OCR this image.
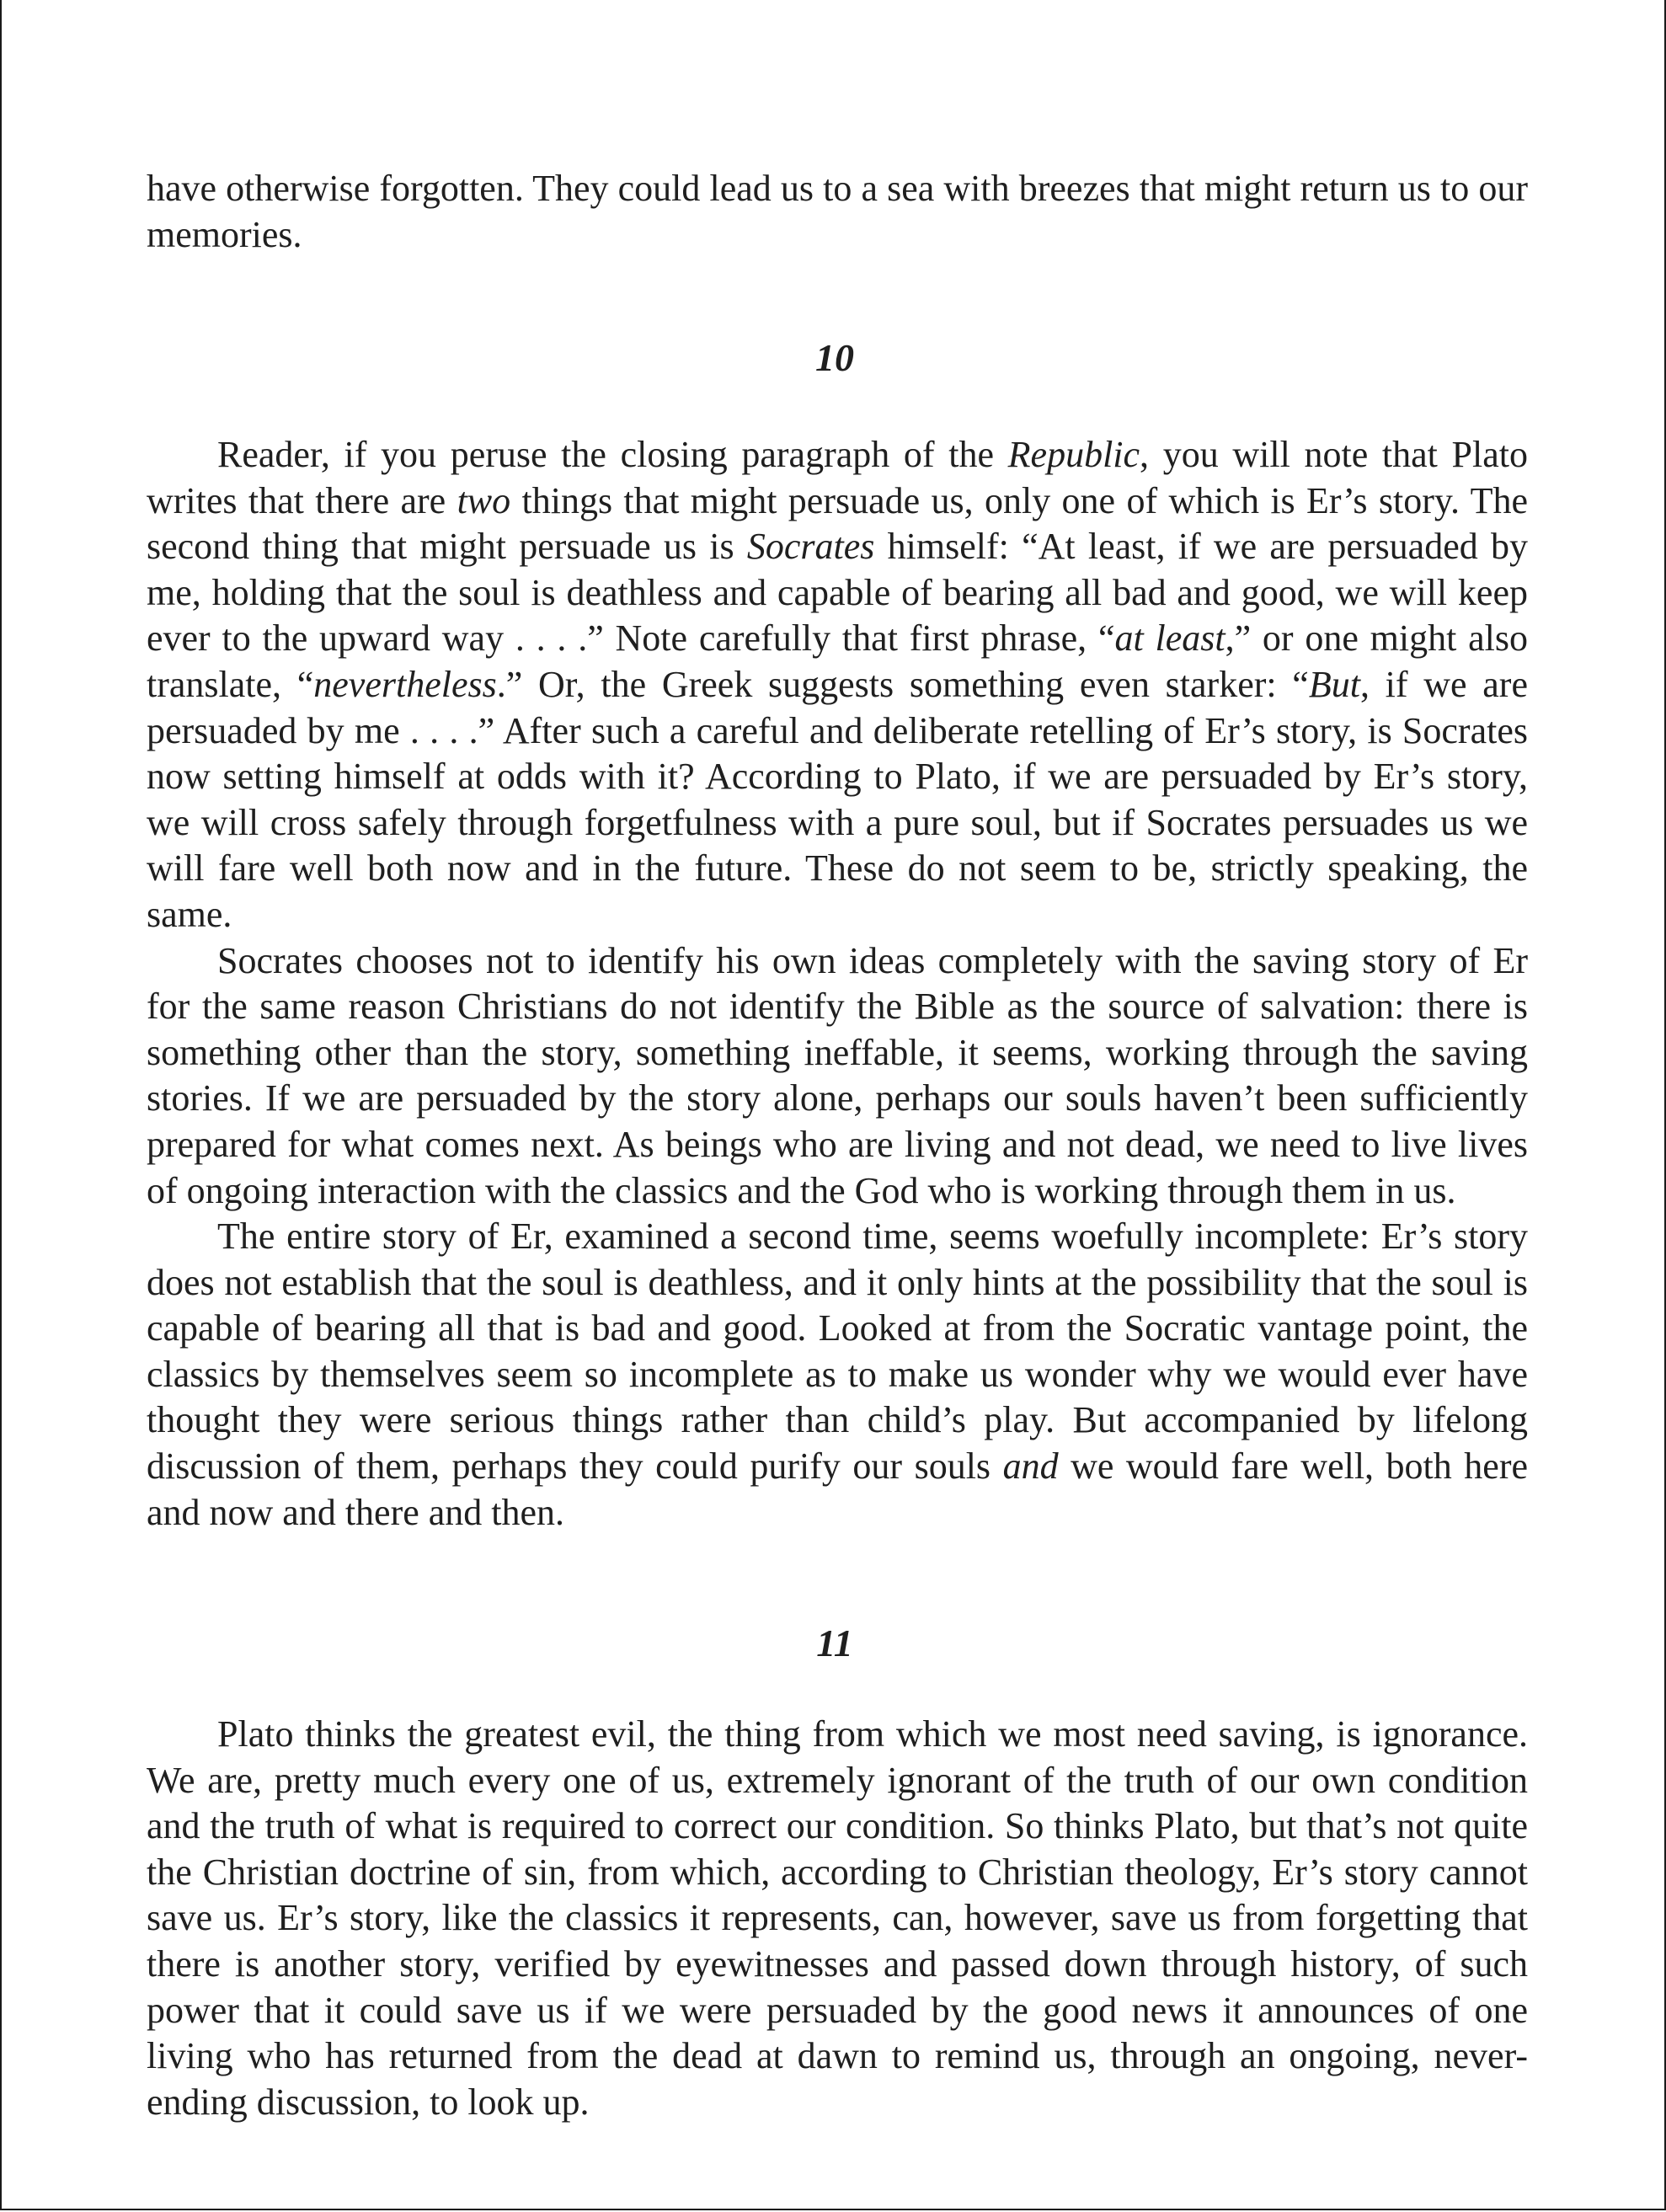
have otherwise forgotten. They could lead us to a sea with breezes that might return us to our memories.

10

Reader, if you peruse the closing paragraph of the Republic, you will note that Plato writes that there are two things that might persuade us, only one of which is Er’s story. The second thing that might persuade us is Socrates himself: “At least, if we are persuaded by me, holding that the soul is deathless and capable of bearing all bad and good, we will keep ever to the upward way . . . .” Note carefully that first phrase, “at least,” or one might also translate, “nevertheless.” Or, the Greek suggests something even starker: “But, if we are persuaded by me . . . .” After such a careful and deliberate retelling of Er’s story, is Socrates now setting himself at odds with it? According to Plato, if we are persuaded by Er’s story, we will cross safely through forgetfulness with a pure soul, but if Socrates persuades us we will fare well both now and in the future. These do not seem to be, strictly speaking, the same.

Socrates chooses not to identify his own ideas completely with the saving story of Er for the same reason Christians do not identify the Bible as the source of salvation: there is something other than the story, something ineffable, it seems, working through the saving stories. If we are persuaded by the story alone, perhaps our souls haven’t been sufficiently prepared for what comes next. As beings who are living and not dead, we need to live lives of ongoing interaction with the classics and the God who is working through them in us.

The entire story of Er, examined a second time, seems woefully incomplete: Er’s story does not establish that the soul is deathless, and it only hints at the possibility that the soul is capable of bearing all that is bad and good. Looked at from the Socratic vantage point, the classics by themselves seem so incomplete as to make us wonder why we would ever have thought they were serious things rather than child’s play. But accompanied by lifelong discussion of them, perhaps they could purify our souls and we would fare well, both here and now and there and then.

11

Plato thinks the greatest evil, the thing from which we most need saving, is ignorance. We are, pretty much every one of us, extremely ignorant of the truth of our own condition and the truth of what is required to correct our condition. So thinks Plato, but that’s not quite the Christian doctrine of sin, from which, according to Christian theology, Er’s story cannot save us. Er’s story, like the classics it represents, can, however, save us from forgetting that there is another story, verified by eyewitnesses and passed down through history, of such power that it could save us if we were persuaded by the good news it announces of one living who has returned from the dead at dawn to remind us, through an ongoing, never-ending discussion, to look up.
